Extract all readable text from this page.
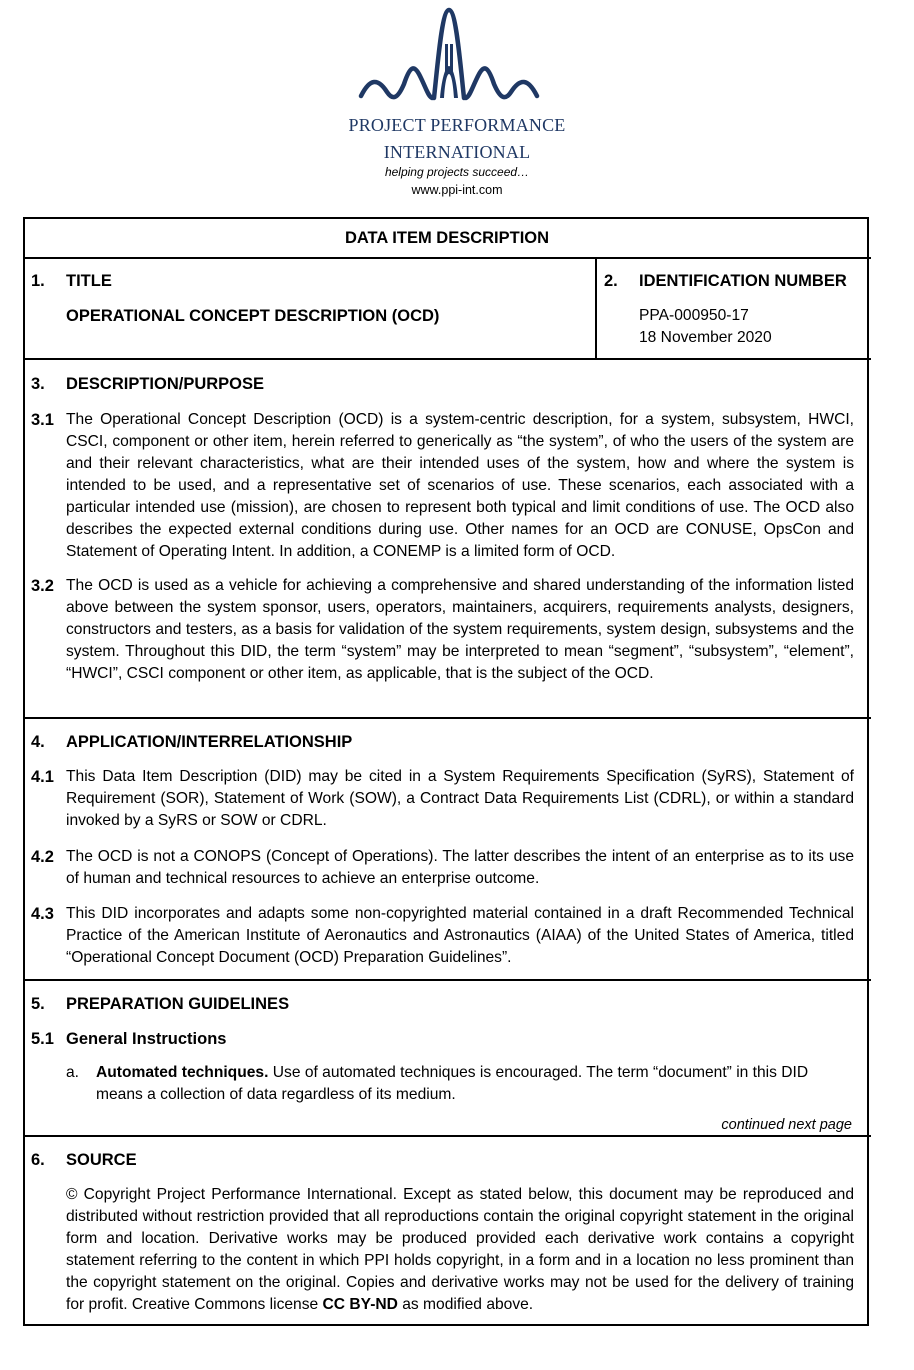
PROJECT PERFORMANCE
INTERNATIONAL
helping projects succeed…
www.ppi-int.com
DATA ITEM DESCRIPTION
1. TITLE
OPERATIONAL CONCEPT DESCRIPTION (OCD)
2. IDENTIFICATION NUMBER
PPA-000950-17
18 November 2020
3. DESCRIPTION/PURPOSE
3.1 The Operational Concept Description (OCD) is a system-centric description, for a system, subsystem, HWCI, CSCI, component or other item, herein referred to generically as “the system”, of who the users of the system are and their relevant characteristics, what are their intended uses of the system, how and where the system is intended to be used, and a representative set of scenarios of use. These scenarios, each associated with a particular intended use (mission), are chosen to represent both typical and limit conditions of use. The OCD also describes the expected external conditions during use. Other names for an OCD are CONUSE, OpsCon and Statement of Operating Intent. In addition, a CONEMP is a limited form of OCD.
3.2 The OCD is used as a vehicle for achieving a comprehensive and shared understanding of the information listed above between the system sponsor, users, operators, maintainers, acquirers, requirements analysts, designers, constructors and testers, as a basis for validation of the system requirements, system design, subsystems and the system. Throughout this DID, the term “system” may be interpreted to mean “segment”, “subsystem”, “element”, “HWCI”, CSCI component or other item, as applicable, that is the subject of the OCD.
4. APPLICATION/INTERRELATIONSHIP
4.1 This Data Item Description (DID) may be cited in a System Requirements Specification (SyRS), Statement of Requirement (SOR), Statement of Work (SOW), a Contract Data Requirements List (CDRL), or within a standard invoked by a SyRS or SOW or CDRL.
4.2 The OCD is not a CONOPS (Concept of Operations). The latter describes the intent of an enterprise as to its use of human and technical resources to achieve an enterprise outcome.
4.3 This DID incorporates and adapts some non-copyrighted material contained in a draft Recommended Technical Practice of the American Institute of Aeronautics and Astronautics (AIAA) of the United States of America, titled “Operational Concept Document (OCD) Preparation Guidelines”.
5. PREPARATION GUIDELINES
5.1 General Instructions
a. Automated techniques. Use of automated techniques is encouraged. The term “document” in this DID means a collection of data regardless of its medium.
continued next page
6. SOURCE
© Copyright Project Performance International. Except as stated below, this document may be reproduced and distributed without restriction provided that all reproductions contain the original copyright statement in the original form and location. Derivative works may be produced provided each derivative work contains a copyright statement referring to the content in which PPI holds copyright, in a form and in a location no less prominent than the copyright statement on the original. Copies and derivative works may not be used for the delivery of training for profit. Creative Commons license CC BY-ND as modified above.
